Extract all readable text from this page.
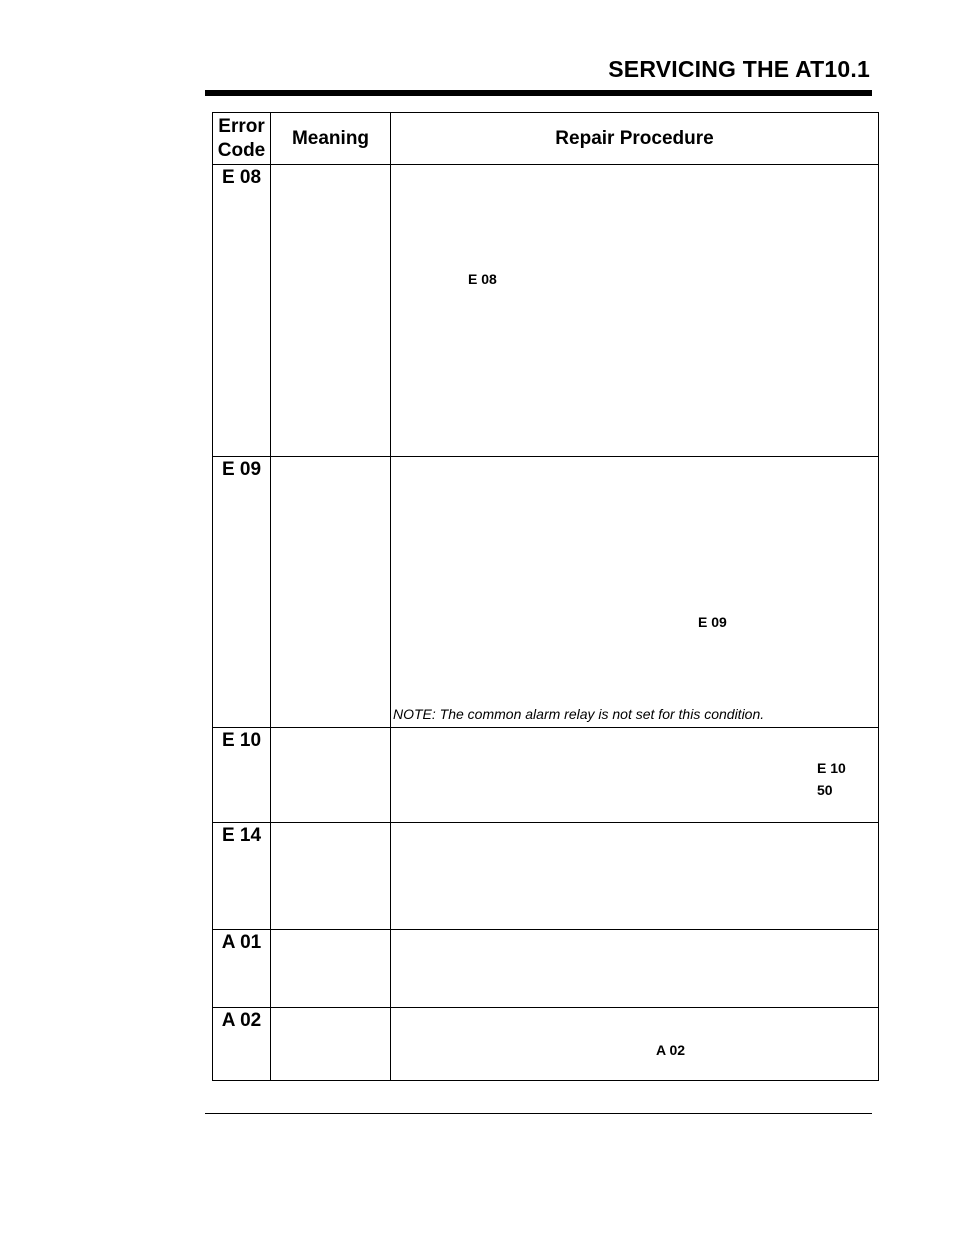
SERVICING THE AT10.1
Error
Code	Meaning	Repair Procedure
E 08		E 08

E 09		E 09
NOTE: The common alarm relay is not set for this condition.

E 10		E 10
50

E 14		
A 01		
A 02		A 02
